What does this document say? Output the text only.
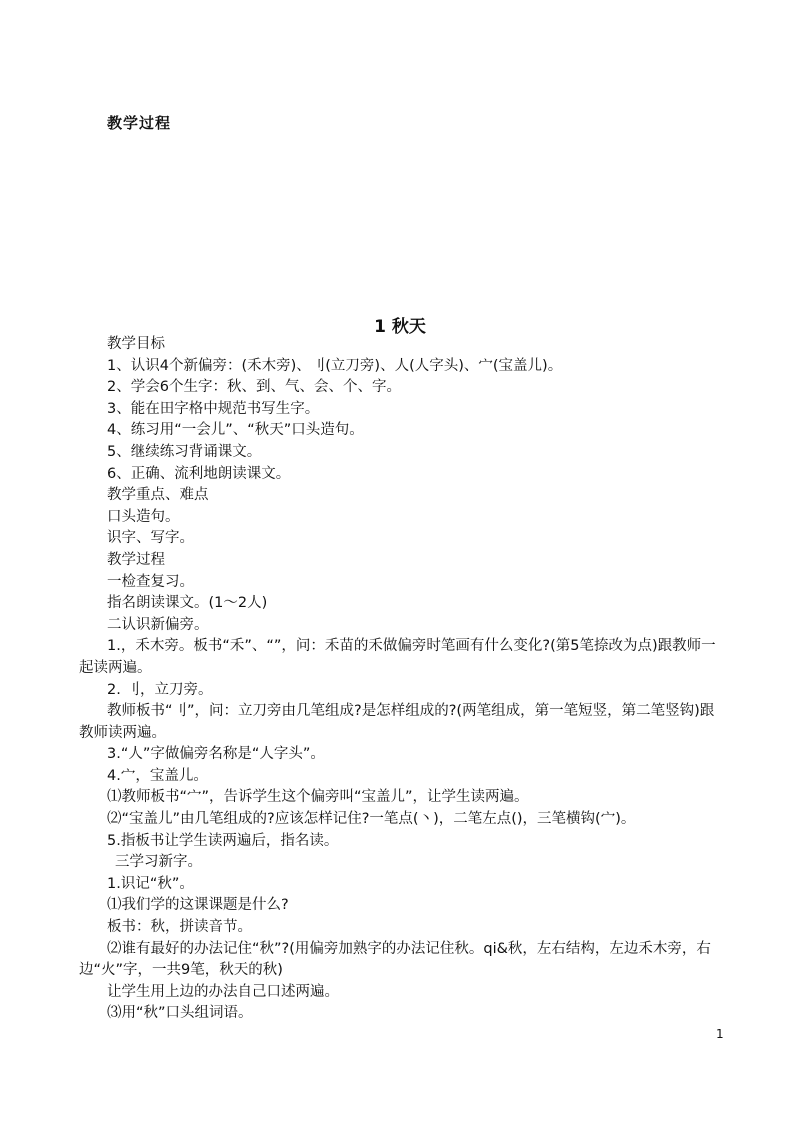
教学过程
1 秋天

教学目标

1、认识4个新偏旁：(禾木旁)、刂(立刀旁)、人(人字头)、宀(宝盖儿)。

2、学会6个生字：秋、到、气、会、个、字。

3、能在田字格中规范书写生字。

4、练习用“一会儿”、“秋天”口头造句。

5、继续练习背诵课文。

6、正确、流利地朗读课文。

教学重点、难点

口头造句。

识字、写字。

教学过程

一检查复习。

指名朗读课文。(1～2人)

二认识新偏旁。

1.，禾木旁。板书“禾”、“”，问：禾苗的禾做偏旁时笔画有什么变化?(第5笔捺改为点)跟教师一起读两遍。

2. 刂，立刀旁。

教师板书“刂”，问：立刀旁由几笔组成?是怎样组成的?(两笔组成，第一笔短竖，第二笔竖钩)跟教师读两遍。

3.“人”字做偏旁名称是“人字头”。

4.宀，宝盖儿。

⑴教师板书“宀”，告诉学生这个偏旁叫“宝盖儿”，让学生读两遍。

⑵“宝盖儿”由几笔组成的?应该怎样记住?一笔点(丶)，二笔左点()，三笔横钩(宀)。

5.指板书让学生读两遍后，指名读。

三学习新字。

1.识记“秋”。

⑴我们学的这课课题是什么?

板书：秋，拼读音节。

⑵谁有最好的办法记住“秋”?(用偏旁加熟字的办法记住秋。qi&秋，左右结构，左边禾木旁，右边“火”字，一共9笔，秋天的秋)

让学生用上边的办法自己口述两遍。

⑶用“秋”口头组词语。

1
